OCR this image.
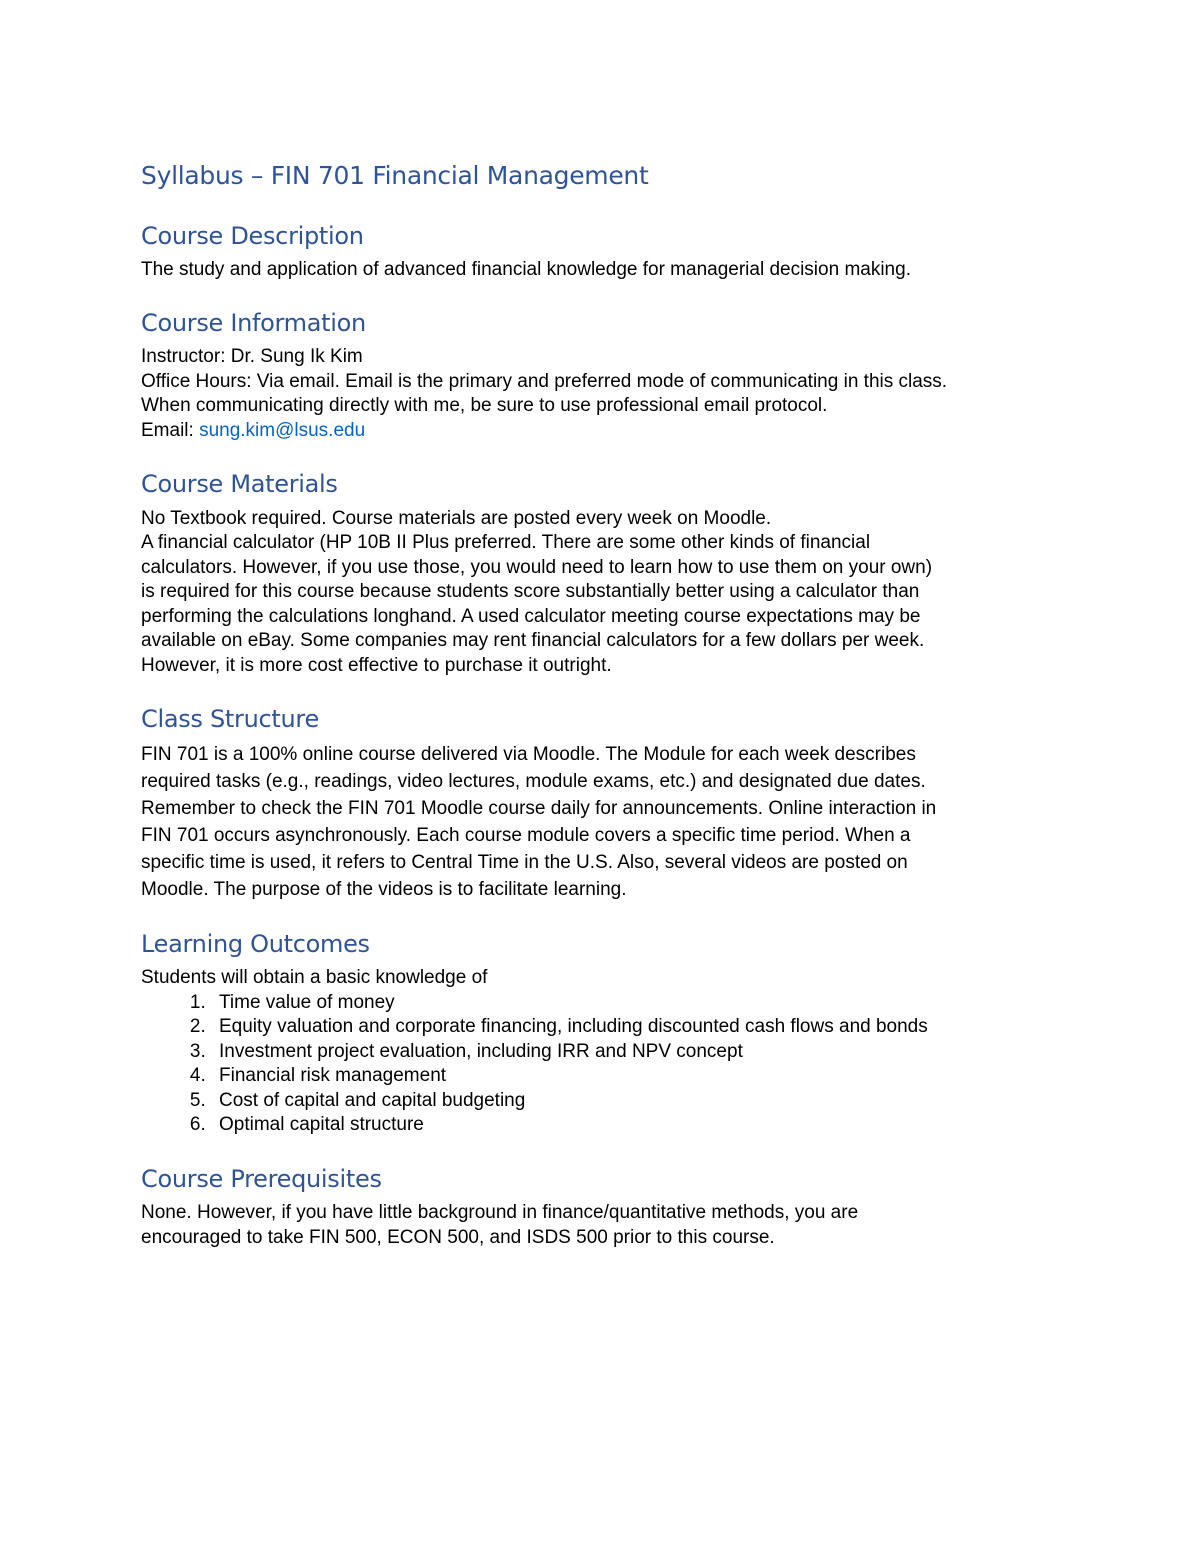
Syllabus – FIN 701 Financial Management
Course Description

The study and application of advanced financial knowledge for managerial decision making.

Course Information

Instructor: Dr. Sung Ik Kim

Office Hours: Via email. Email is the primary and preferred mode of communicating in this class.

When communicating directly with me, be sure to use professional email protocol.

Email: sung.kim@lsus.edu

Course Materials

No Textbook required. Course materials are posted every week on Moodle.

A financial calculator (HP 10B II Plus preferred. There are some other kinds of financial

calculators. However, if you use those, you would need to learn how to use them on your own)

is required for this course because students score substantially better using a calculator than

performing the calculations longhand. A used calculator meeting course expectations may be

available on eBay. Some companies may rent financial calculators for a few dollars per week.

However, it is more cost effective to purchase it outright.

Class Structure

FIN 701 is a 100% online course delivered via Moodle. The Module for each week describes

required tasks (e.g., readings, video lectures, module exams, etc.) and designated due dates.

Remember to check the FIN 701 Moodle course daily for announcements. Online interaction in

FIN 701 occurs asynchronously. Each course module covers a specific time period. When a

specific time is used, it refers to Central Time in the U.S. Also, several videos are posted on

Moodle. The purpose of the videos is to facilitate learning.

Learning Outcomes

Students will obtain a basic knowledge of

1. Time value of money
2. Equity valuation and corporate financing, including discounted cash flows and bonds
3. Investment project evaluation, including IRR and NPV concept
4. Financial risk management
5. Cost of capital and capital budgeting
6. Optimal capital structure
Course Prerequisites

None. However, if you have little background in finance/quantitative methods, you are

encouraged to take FIN 500, ECON 500, and ISDS 500 prior to this course.
